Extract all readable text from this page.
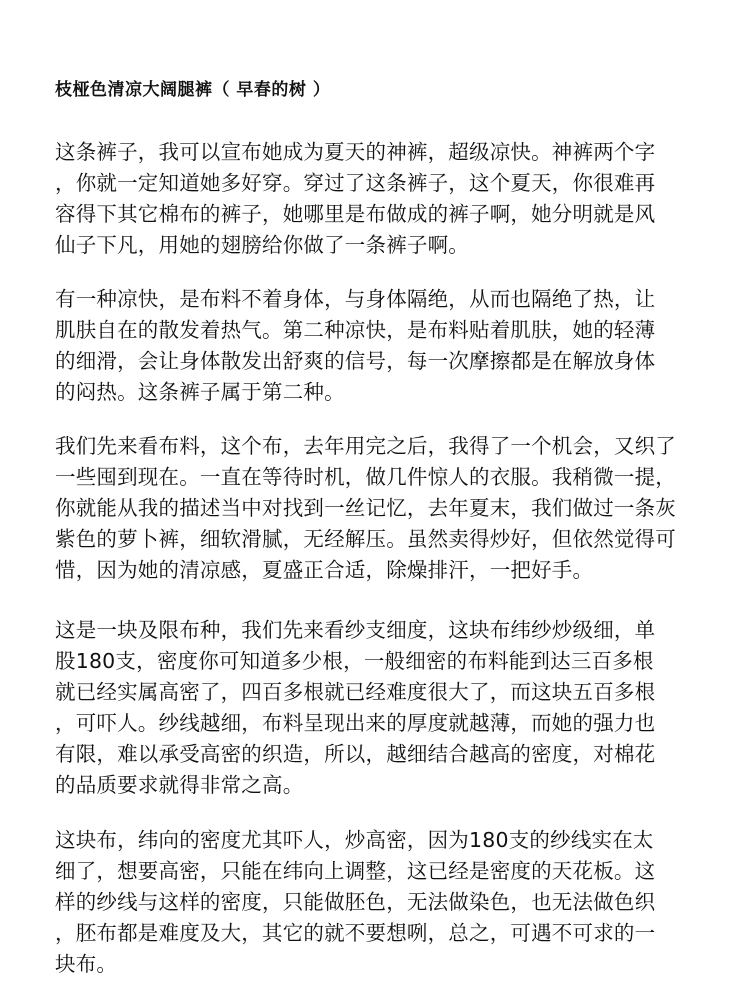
枝桠色清凉大阔腿裤（ 早春的树 ）

这条裤子，我可以宣布她成为夏天的神裤，超级凉快。神裤两个字
，你就一定知道她多好穿。穿过了这条裤子，这个夏天，你很难再
容得下其它棉布的裤子，她哪里是布做成的裤子啊，她分明就是风
仙子下凡，用她的翅膀给你做了一条裤子啊。

有一种凉快，是布料不着身体，与身体隔绝，从而也隔绝了热，让
肌肤自在的散发着热气。第二种凉快，是布料贴着肌肤，她的轻薄
的细滑，会让身体散发出舒爽的信号，每一次摩擦都是在解放身体
的闷热。这条裤子属于第二种。

我们先来看布料，这个布，去年用完之后，我得了一个机会，又织了
一些囤到现在。一直在等待时机，做几件惊人的衣服。我稍微一提，
你就能从我的描述当中对找到一丝记忆，去年夏末，我们做过一条灰
紫色的萝卜裤，细软滑腻，无经解压。虽然卖得炒好，但依然觉得可
惜，因为她的清凉感，夏盛正合适，除燥排汗，一把好手。

这是一块及限布种，我们先来看纱支细度，这块布纬纱炒级细，单
股180支，密度你可知道多少根，一般细密的布料能到达三百多根
就已经实属高密了，四百多根就已经难度很大了，而这块五百多根
，可吓人。纱线越细，布料呈现出来的厚度就越薄，而她的强力也
有限，难以承受高密的织造，所以，越细结合越高的密度，对棉花
的品质要求就得非常之高。

这块布，纬向的密度尤其吓人，炒高密，因为180支的纱线实在太
细了，想要高密，只能在纬向上调整，这已经是密度的天花板。这
样的纱线与这样的密度，只能做胚色，无法做染色，也无法做色织
，胚布都是难度及大，其它的就不要想咧，总之，可遇不可求的一
块布。
